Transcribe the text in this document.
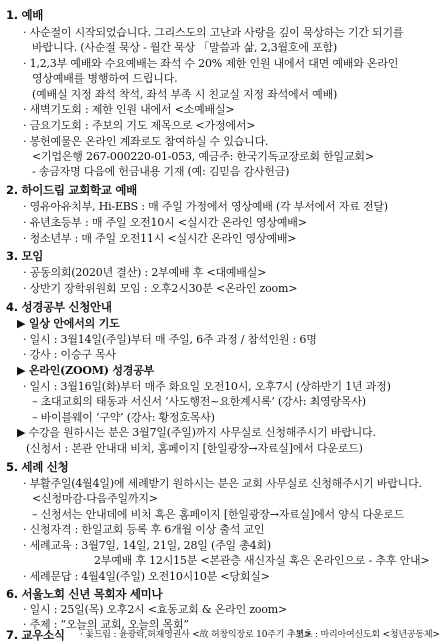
1. 예배
· 사순절이 시작되었습니다. 그리스도의 고난과 사랑을 깊이 묵상하는 기간 되기를
바랍니다. (사순절 묵상 - 월간 묵상 「말씀과 삶, 2,3월호에 포함)
· 1,2,3부 예배와 수요예배는 좌석 수 20% 제한 인원 내에서 대면 예배와 온라인
영상예배를 병행하여 드립니다.
(예배실 지정 좌석 착석, 좌석 부족 시 친교실 지정 좌석에서 예배)
· 새벽기도회 : 제한 인원 내에서 <소예배실>
· 금요기도회 : 주보의 기도 제목으로 <가정에서>
· 봉헌예물은 온라인 계좌로도 참여하실 수 있습니다.
<기업은행 267-000220-01-053, 예금주: 한국기독교장로회 한일교회>
- 송금자명 다음에 헌금내용 기재 (예: 김믿음 감사헌금)
2. 하이드림 교회학교 예배
· 영유아유치부, Hi-EBS : 매 주일 가정에서 영상예배 (각 부서에서 자료 전달)
· 유년초등부 : 매 주일 오전10시 <실시간 온라인 영상예배>
· 청소년부 : 매 주일 오전11시 <실시간 온라인 영상예배>
3. 모임
· 공동의회(2020년 결산) : 2부예배 후 <대예배실>
· 상반기 장학위원회 모임 : 오후2시30분 <온라인 zoom>
4. 성경공부 신청안내
▶ 일상 안에서의 기도
· 일시 : 3월14일(주일)부터 매 주일, 6주 과정 / 참석인원 : 6명
· 강사 : 이승구 목사
▶ 온라인(ZOOM) 성경공부
· 일시 : 3월16일(화)부터 매주 화요일 오전10시, 오후7시 (상하반기 1년 과정)
– 초대교회의 태동과 서신서 ‘사도행전~요한계시록’ (강사: 최영랑목사)
– 바이블웨이 ‘구약’ (강사: 황정호목사)
▶ 수강을 원하시는 분은 3월7일(주일)까지 사무실로 신청해주시기 바랍니다.
(신청서 : 본관 안내대 비치, 홈페이지 [한일광장→자료실]에서 다운로드)
5. 세례 신청
· 부활주일(4월4일)에 세례받기 원하시는 분은 교회 사무실로 신청해주시기 바랍니다.
<신청마감-다음주일까지>
– 신청서는 안내데에 비치 혹은 홈페이지 [한일광장→자료실]에서 양식 다운로드
· 신청자격 : 한일교회 등록 후 6개월 이상 출석 교인
· 세례교육 : 3월7일, 14일, 21일, 28일 (주일 총4회)
2부예배 후 12시15분 <본관층 새신자실 혹은 온라인으로 - 추후 안내>
· 세례문답 : 4월4일(주일) 오전10시10분 <당회실>
6. 서울노회 신년 목회자 세미나
· 일시 : 25일(목) 오후2시 <효동교회 & 온라인 zoom>
· 주제 : “오늘의 교회, 오늘의 목회”
7. 교우소식 · 꽃드림 : 윤광락,허재영권사 <故 허창익장로 10주기 추모>
· 천초 : 마리아여신도회 <청년공동체>
